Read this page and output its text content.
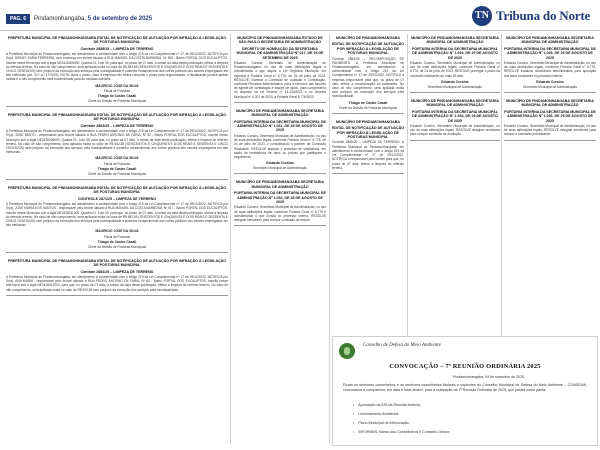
PAG. 6	Pindamonhangaba, 5 de setembro de 2025	TN Tribuna do Norte
PREFEITURA MUNICIPAL DE PINDAMONHANGABA EDITAL DE NOTIFICAÇÃO DE AUTUAÇÃO POR INFRAÇÃO À LEGISLAÇÃO DE POSTURAS MUNICIPAL
Controle 2858/25 – LIMPEZA DE TERRENO
A Prefeitura Municipal de Pindamonhangaba, em atendimento à conformidade com o Artigo 219 da Lei Complementar nº 17 de 29/12/2022, NOTIFICA por Sr(a). SIDNEY FARIA FERREIRA, com endereço em imóvel situado à RUA MANOEL DA COSTA BARBOSA, Nº 509 - Bairro PORTAL DOS EUCALIPTOS, inscrito nesse Município sob a sigla NE2426005000. Quadra 01, Lote 39, para que, no prazo de 07 dias, a contar da data desta publicação, efetue a limpeza do referido terreno. No caso de não cumprimento, será aplicada multa no valor de R$ 652,65 (SEISCENTOS E CINQUENTA E DOIS REAIS E SESSENTA E CINCO CENTAVOS) sem prejuízo da execução dos serviços pela municipalidade e posterior ressarcimento aos cofres públicos dos valores empregados em tais melhorias (Art. 317 LC 17/2022). NOTA: Após o prazo, caso a empresa não tenha cumprido o prazo para regularização, a fiscalização poderá aplicar multas e o não cumprimento será encaminhado para as medidas cabíveis.
MAURÍCIO JOSÉ DA SILVA
Fiscal de Posturas
Thiago de Castro Casali
Chefe da Divisão de Posturas Municipais
PREFEITURA MUNICIPAL DE PINDAMONHANGABA EDITAL DE NOTIFICAÇÃO DE AUTUAÇÃO POR INFRAÇÃO À LEGISLAÇÃO DE POSTURAS MUNICIPAL
Controle 2863/25 – LIMPEZA DE TERRENO
A Prefeitura Municipal de Pindamonhangaba, em atendimento à conformidade com o Artigo 219 da Lei Complementar nº 17 de 29/12/2022, NOTIFICA por Sr(a). JOSÉ BENTO - responsável pelo imóvel situado à RUA PEDRO ANTONIO DE FARIA, Nº 50 - Bairro PORTAL DOS EUCALIPTOS, inscrito nesse Município sob a sigla NE2426006000. Quadra 01, Lote 39, para que, no prazo de 07 dias, a contar da data desta publicação, efetue a limpeza do referido terreno. No caso de não cumprimento, será aplicada multa no valor de R$ 652,65 (SEISCENTOS E CINQUENTA E DOIS REAIS E SESSENTA E CINCO CENTAVOS) sem prejuízo da execução dos serviços pela municipalidade e posterior ressarcimento aos cofres públicos dos valores empregados em tais melhorias.
MAURÍCIO JOSÉ DA SILVA
Fiscal de Posturas
Thiago de Castro Casali
Chefe da Divisão de Posturas Municipais
PREFEITURA MUNICIPAL DE PINDAMONHANGABA EDITAL DE NOTIFICAÇÃO DE AUTUAÇÃO POR INFRAÇÃO À LEGISLAÇÃO DE POSTURAS MUNICIPAL
CONTROLE 2871/25 – LIMPEZA DE TERRENO
A Prefeitura Municipal de Pindamonhangaba, em atendimento à conformidade com o Artigo 219 da Lei Complementar nº 17 de 29/12/2022, NOTIFICA por Sr(a). JOSÉ MARIA DOS SANTOS - responsável pelo imóvel situado à RUA MANOEL DA COSTA BARBOSA, Nº 517 - Bairro PORTAL DOS EUCALIPTOS, inscrito nesse Município sob a sigla NE2426011000. Quadra 01, Lote 39, para que, no prazo de 07 dias, a contar da data desta publicação, efetue a limpeza do referido terreno. No caso de não cumprimento, será aplicada multa no valor de R$ 652,65 (SEISCENTOS E CINQUENTA E DOIS REAIS E SESSENTA E CINCO CENTAVOS) sem prejuízo da execução dos serviços pela municipalidade e posterior ressarcimento aos cofres públicos dos valores empregados em tais melhorias.
MAURÍCIO JOSÉ DA SILVA
Fiscal de Posturas
Thiago de Castro Casali
Chefe da Divisão de Posturas Municipais
PREFEITURA MUNICIPAL DE PINDAMONHANGABA EDITAL DE NOTIFICAÇÃO DE AUTUAÇÃO POR INFRAÇÃO À LEGISLAÇÃO DE POSTURAS MUNICIPAL
Controle 2884/25 – LIMPEZA DE TERRENO
A Prefeitura Municipal de Pindamonhangaba, em atendimento à conformidade com o Artigo 219 da Lei Complementar nº 17 de 29/12/2022, NOTIFICA por Sr(a). ANA MARIA - responsável pelo imóvel situado à RUA PEDRO ANTONIO DE FARIA, Nº 60 - Bairro PORTAL DOS EUCALIPTOS, inscrito nesse Município sob a sigla NE2426012000, para que, no prazo de 07 dias, a contar da data desta publicação, efetue a limpeza do referido terreno. No caso de não cumprimento, será aplicada multa no valor de R$ 652,65 sem prejuízo da execução dos serviços pela municipalidade.
MUNICÍPIO DE PINDAMONHANGABA ESTADO DE SÃO PAULO SECRETARIA DE ADMINISTRAÇÃO
DECRETO DE NOMEAÇÃO DA SECRETARIA MUNICIPAL DE ADMINISTRAÇÃO Nº 017, DE 03 DE SETEMBRO DE 2025
Eduardo Cursino, Secretário de Administração de Pindamonhangaba, no uso de suas atribuições legais e considerando o que dispõe a Lei Orgânica Municipal, em especial a Portaria Geral nº 6.776, de 24 de julho de 2023. RESOLVE: Nomear a Comissão de Licitação e Contratação, conforme Processo Administrativo, para o exercício das funções de agente de contratação e equipe de apoio, para cumprimento do disposto na Lei Federal nº 14.133/2021 e no Decreto Municipal nº 6.307 de 2023, a Portaria Geral 6.776/2023.
MUNICÍPIO DE PINDAMONHANGABA SECRETARIA MUNICIPAL DE ADMINISTRAÇÃO
PORTARIA INTERNA DA SECRETARIA MUNICIPAL DE ADMINISTRAÇÃO Nº 1.031, DE 28 DE AGOSTO DE 2025
Eduardo Cursino, Secretário Municipal de Administração, no uso de suas atribuições legais, conforme Portaria Geral nº 6.776, de 24 de julho de 2023, e considerando o parecer da Comissão Sindicante, RESOLVE arquivar o processo de sindicância, em razão da inexistência de fatos ou provas que justifiquem o seguimento.
Eduardo Cursino
Secretário Municipal de Administração
MUNICÍPIO DE PINDAMONHANGABA SECRETARIA MUNICIPAL DE ADMINISTRAÇÃO
PORTARIA INTERNA DA SECRETARIA MUNICIPAL DE ADMINISTRAÇÃO Nº 1.032, DE 28 DE AGOSTO DE 2025
Eduardo Cursino, Secretário Municipal de Administração, no uso de suas atribuições legais, conforme Portaria Geral nº 6.776 e considerando o que consta no processo interno, RESOLVE designar servidores para compor comissão de estudo.
MUNICÍPIO DE PINDAMONHANGABA
EDITAL DE NOTIFICAÇÃO DE AUTUAÇÃO POR INFRAÇÃO À LEGISLAÇÃO DE POSTURAS MUNICIPAL
Controle 2863/25 – RECOMPOSIÇÃO DE PAVIMENTO. A Prefeitura Municipal de Pindamonhangaba, em atendimento à conformidade com o Artigo 219 da Lei Complementar nº 17 de 29/12/2022, NOTIFICA a empresa responsável para que, no prazo de 07 dias, efetue a recomposição do pavimento. No caso de não cumprimento, será aplicada multa sem prejuízo da execução dos serviços pela municipalidade.
Thiago de Castro Casali
Chefe da Divisão de Posturas Municipais
MUNICÍPIO DE PINDAMONHANGABA
EDITAL DE NOTIFICAÇÃO DE AUTUAÇÃO POR INFRAÇÃO À LEGISLAÇÃO DE POSTURAS MUNICIPAL
Controle 2866/25 – LIMPEZA DE TERRENO. A Prefeitura Municipal de Pindamonhangaba, em atendimento à conformidade com o Artigo 219 da Lei Complementar nº 17 de 29/12/2022, NOTIFICA o responsável pelo imóvel para que, no prazo de 07 dias, efetue a limpeza do referido terreno.
MUNICÍPIO DE PINDAMONHANGABA SECRETARIA MUNICIPAL DE ADMINISTRAÇÃO
PORTARIA INTERNA DA SECRETARIA MUNICIPAL DE ADMINISTRAÇÃO Nº 1.033, DE 29 DE AGOSTO DE 2025
Eduardo Cursino, Secretário Municipal de Administração, no uso de suas atribuições legais, conforme Portaria Geral nº 6.776, de 24 de julho de 2023, RESOLVE prorrogar o prazo da comissão sindicante por mais 30 dias.
Eduardo Cursino
Secretário Municipal de Administração
MUNICÍPIO DE PINDAMONHANGABA SECRETARIA MUNICIPAL DE ADMINISTRAÇÃO
PORTARIA INTERNA DA SECRETARIA MUNICIPAL DE ADMINISTRAÇÃO Nº 1.034, DE 29 DE AGOSTO DE 2025
Eduardo Cursino, Secretário Municipal de Administração, no uso de suas atribuições legais, RESOLVE designar servidores para compor comissão de avaliação.
MUNICÍPIO DE PINDAMONHANGABA SECRETARIA MUNICIPAL DE ADMINISTRAÇÃO
PORTARIA INTERNA DA SECRETARIA MUNICIPAL DE ADMINISTRAÇÃO Nº 1.035, DE 29 DE AGOSTO DE 2025
Eduardo Cursino, Secretário Municipal de Administração, no uso de suas atribuições legais, conforme Portaria Geral nº 6.776, RESOLVE instaurar sindicância administrativa para apuração dos fatos constantes no processo interno.
Eduardo Cursino
Secretário Municipal de Administração
MUNICÍPIO DE PINDAMONHANGABA SECRETARIA MUNICIPAL DE ADMINISTRAÇÃO
PORTARIA INTERNA DA SECRETARIA MUNICIPAL DE ADMINISTRAÇÃO Nº 1.036, DE 29 DE AGOSTO DE 2025
Eduardo Cursino, Secretário Municipal de Administração, no uso de suas atribuições legais, RESOLVE designar servidores para compor a comissão processante.
Conselho de Defesa do Meio Ambiente
CONVOCAÇÃO – 7ª REUNIÃO ORDINÁRIA 2025
Pindamonhangaba, 04 de setembro de 2025.
Ficam os senhores conselheiros e os senhores conselheiros titulares e suplentes do Conselho Municipal de Defesa do Meio Ambiente – CONDEMA, convocados a comparecer, em data e local abaixo, para a realização da 7ª Reunião Ordinária de 2025, que possui como pauta:
• Aprovação da ATA da Reunião Anterior;
• Licenciamento Ambiental;
• Plano Municipal de Arborização;
• INFORMES: Banco dos Conselheiros e Conselho Gestor;
